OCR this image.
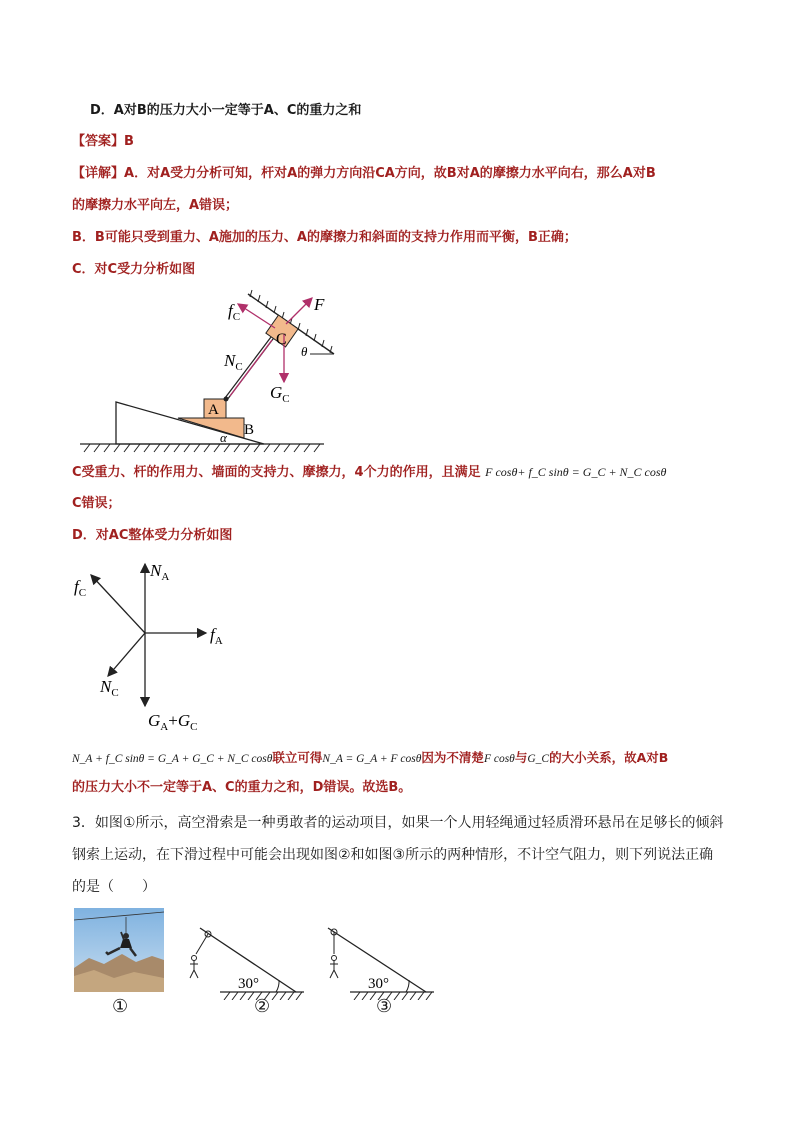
D．A对B的压力大小一定等于A、C的重力之和
【答案】B
【详解】A．对A受力分析可知，杆对A的弹力方向沿CA方向，故B对A的摩擦力水平向右，那么A对B
的摩擦力水平向左，A错误；
B．B可能只受到重力、A施加的压力、A的摩擦力和斜面的支持力作用而平衡，B正确；
C．对C受力分析如图
$f_C$
F
C
θ
$N_C$
$G_C$
A
B
α
C受重力、杆的作用力、墙面的支持力、摩擦力，4个力的作用，且满足 F cosθ+ f_C sinθ = G_C + N_C cosθ
C错误；
D．对AC整体受力分析如图
$N_A$
$f_C$
$f_A$
$N_C$
$G_A+G_C$
N_A + f_C sinθ = G_A + G_C + N_C cosθ联立可得N_A = G_A + F cosθ因为不清楚F cosθ与G_C的大小关系，故A对B
的压力大小不一定等于A、C的重力之和，D错误。故选B。
3．如图①所示，高空滑索是一种勇敢者的运动项目，如果一个人用轻绳通过轻质滑环悬吊在足够长的倾斜
钢索上运动，在下滑过程中可能会出现如图②和如图③所示的两种情形，不计空气阻力，则下列说法正确
的是（　　）
①
30°
②
30°
③
